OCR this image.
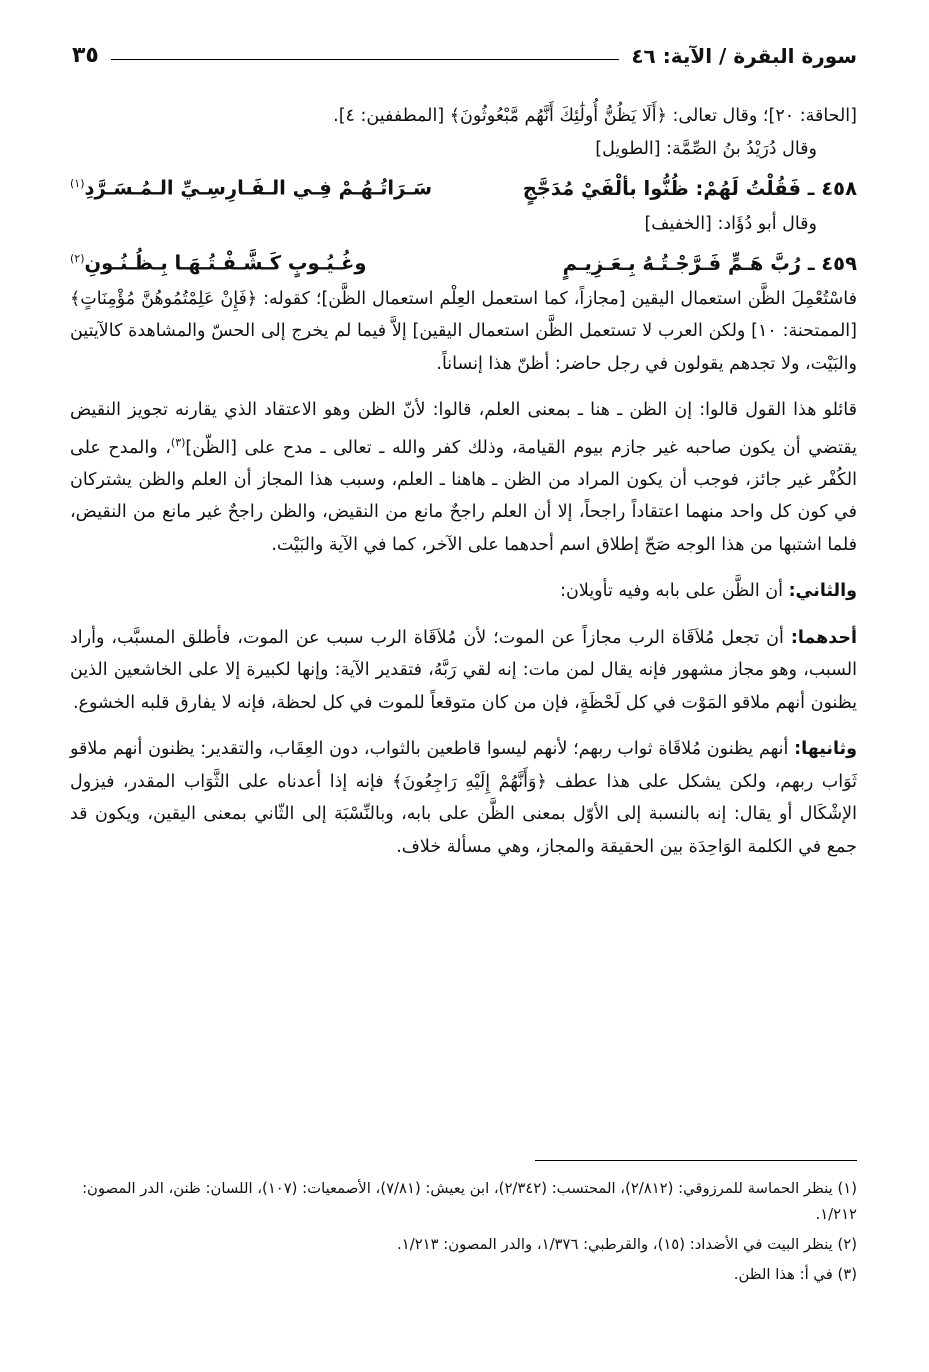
سورة البقرة / الآية: ٤٦
٣٥

[الحاقة: ٢٠]؛ وقال تعالى: ﴿أَلَا يَظُنُّ أُولَٰئِكَ أَنَّهُم مَّبْعُوثُونَ﴾ [المطففين: ٤].

وقال دُرَيْدُ بنُ الصِّمَّة: [الطويل]

٤٥٨ ـ فَقُلْتُ لَهُمْ: ظُنُّوا بألْفَيْ مُدَجَّجٍ
سَـرَاتُـهُـمْ فِـي الـفَـارِسِـيِّ الـمُـسَـرَّدِ$^{(١)}$

وقال أبو دُؤَاد: [الخفيف]

٤٥٩ ـ رُبَّ هَـمٍّ فَـرَّجْـتُـهُ بِـعَـزِيـمٍ
وغُـيُـوبٍ كَـشَّـفْـتُـهَـا بِـظُـنُـونِ$^{(٢)}$

فاسْتُعْمِلَ الظَّن استعمال اليقين [مجازاً، كما استعمل العِلْم استعمال الظَّن]؛ كقوله: ﴿فَإِنْ عَلِمْتُمُوهُنَّ مُؤْمِنَاتٍ﴾ [الممتحنة: ١٠] ولكن العرب لا تستعمل الظَّن استعمال اليقين] إلاَّ فيما لم يخرج إلى الحسّ والمشاهدة كالآيتين والبَيْت، ولا تجدهم يقولون في رجل حاضر: أظنّ هذا إنساناً.

قائلو هذا القول قالوا: إن الظن ـ هنا ـ بمعنى العلم، قالوا: لأنّ الظن وهو الاعتقاد الذي يقارنه تجويز النقيض يقتضي أن يكون صاحبه غير جازم بيوم القيامة، وذلك كفر والله ـ تعالى ـ مدح على [الظّن]$^{(٣)}$، والمدح على الكُفْر غير جائز، فوجب أن يكون المراد من الظن ـ هاهنا ـ العلم، وسبب هذا المجاز أن العلم والظن يشتركان في كون كل واحد منهما اعتقاداً راجحاً، إلا أن العلم راجحٌ مانع من النقيض، والظن راجحٌ غير مانع من النقيض، فلما اشتبها من هذا الوجه صَحّ إطلاق اسم أحدهما على الآخر، كما في الآية والبَيْت.

والثاني: أن الظَّن على بابه وفيه تأويلان:

أحدهما: أن تجعل مُلاَقَاة الرب مجازاً عن الموت؛ لأن مُلاَقَاة الرب سبب عن الموت، فأطلق المسبَّب، وأراد السبب، وهو مجاز مشهور فإنه يقال لمن مات: إنه لقي رَبَّهُ، فتقدير الآية: وإنها لكبيرة إلا على الخاشعين الذين يظنون أنهم ملاقو المَوْت في كل لَحْظَةٍ، فإن من كان متوقعاً للموت في كل لحظة، فإنه لا يفارق قلبه الخشوع.

وثانيها: أنهم يظنون مُلاقَاة ثواب ربهم؛ لأنهم ليسوا قاطعين بالثواب، دون العِقَاب، والتقدير: يظنون أنهم ملاقو ثَوَاب ربهم، ولكن يشكل على هذا عطف ﴿وَأَنَّهُمْ إِلَيْهِ رَاجِعُونَ﴾ فإنه إذا أعدناه على الثَّوَاب المقدر، فيزول الإشْكَال أو يقال: إنه بالنسبة إلى الأوّل بمعنى الظَّن على بابه، وبالنِّسْبَة إلى الثّاني بمعنى اليقين، ويكون قد جمع في الكلمة الوَاحِدَة بين الحقيقة والمجاز، وهي مسألة خلاف.

(١) ينظر الحماسة للمرزوقي: (٢/٨١٢)، المحتسب: (٢/٣٤٢)، ابن يعيش: (٧/٨١)، الأصمعيات: (١٠٧)، اللسان: ظنن، الدر المصون: ١/٢١٢.

(٢) ينظر البيت في الأضداد: (١٥)، والقرطبي: ١/٣٧٦، والدر المصون: ١/٢١٣.

(٣) في أ: هذا الظن.
